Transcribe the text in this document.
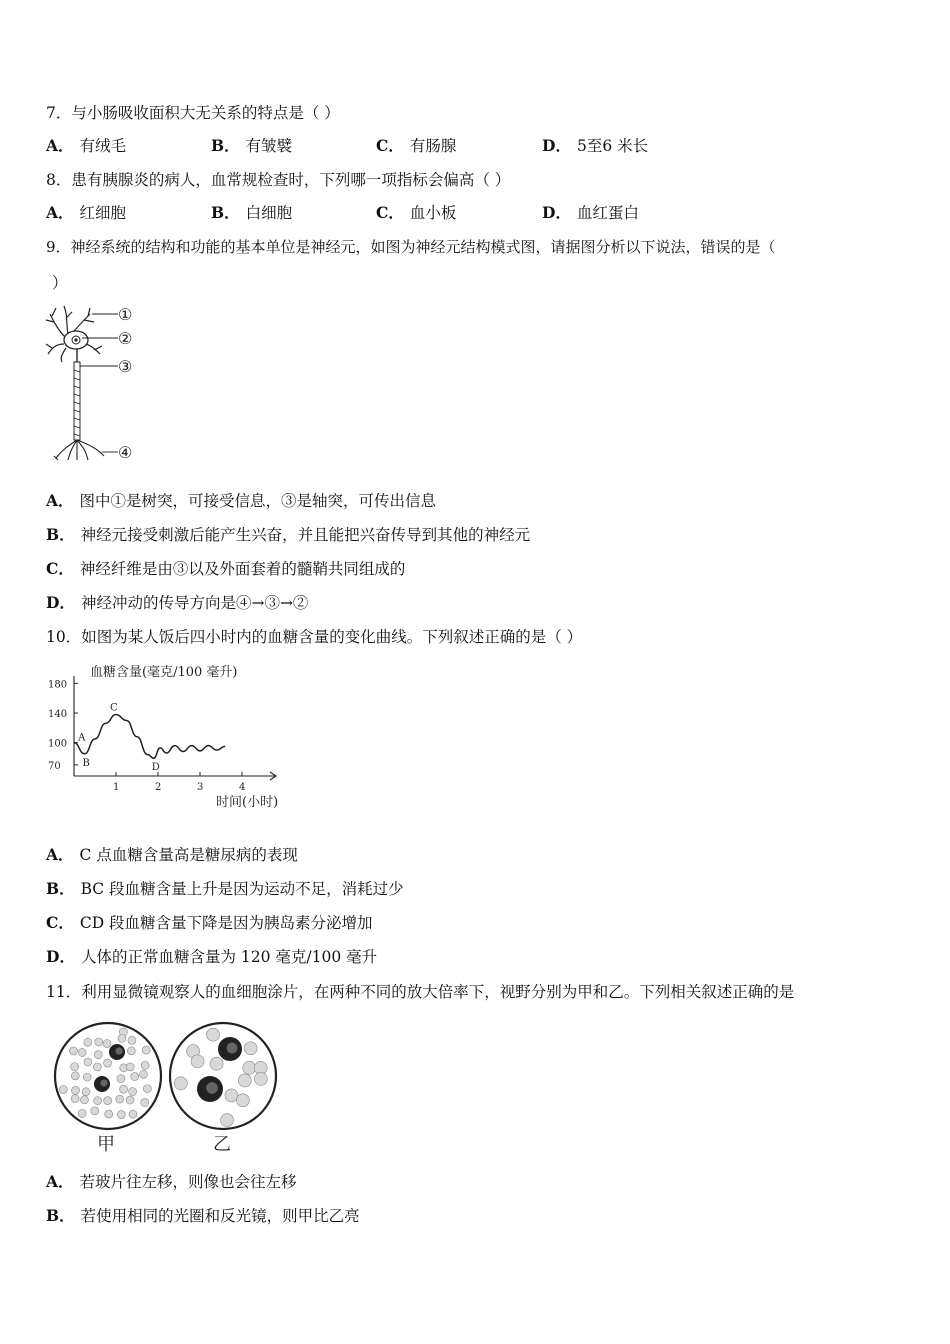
7．与小肠吸收面积大无关系的特点是（ ）
A． 有绒毛	B． 有皱襞	C． 有肠腺	D． 5至6 米长
8．患有胰腺炎的病人，血常规检查时，下列哪一项指标会偏高（ ）
A． 红细胞	B． 白细胞	C． 血小板	D． 血红蛋白
9．神经系统的结构和功能的基本单位是神经元，如图为神经元结构模式图，请据图分析以下说法，错误的是（
）
①
②
③
④
A． 图中①是树突，可接受信息，③是轴突，可传出信息
B． 神经元接受刺激后能产生兴奋，并且能把兴奋传导到其他的神经元
C． 神经纤维是由③以及外面套着的髓鞘共同组成的
D． 神经冲动的传导方向是④→③→②
10．如图为某人饭后四小时内的血糖含量的变化曲线。下列叙述正确的是（ ）
血糖含量(毫克/100 毫升)
1	2	3	4
70
100
140
180
A
B
C
D
时间(小时)
A． C 点血糖含量高是糖尿病的表现
B． BC 段血糖含量上升是因为运动不足，消耗过少
C． CD 段血糖含量下降是因为胰岛素分泌增加
D． 人体的正常血糖含量为 120 毫克/100 毫升
11．利用显微镜观察人的血细胞涂片，在两种不同的放大倍率下，视野分别为甲和乙。下列相关叙述正确的是
甲	乙
A． 若玻片往左移，则像也会往左移
B． 若使用相同的光圈和反光镜，则甲比乙亮
